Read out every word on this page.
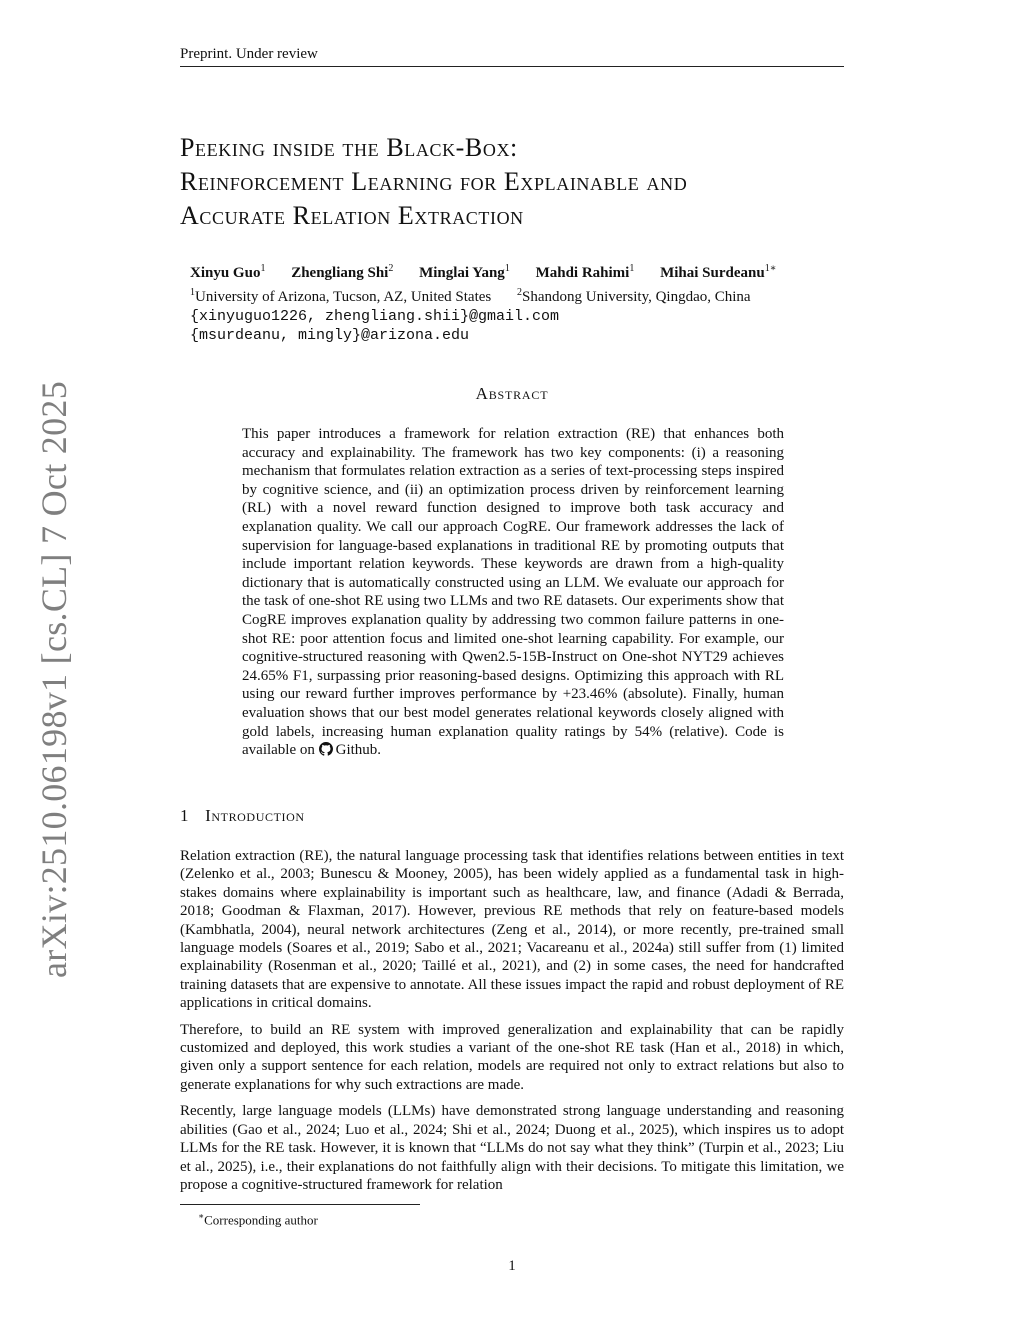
Preprint. Under review
arXiv:2510.06198v1 [cs.CL] 7 Oct 2025
Peeking inside the Black-Box:
Reinforcement Learning for Explainable and
Accurate Relation Extraction
Xinyu Guo$^1$ Zhengliang Shi$^2$ Minglai Yang$^1$ Mahdi Rahimi$^1$ Mihai Surdeanu$^{1∗}$
$^1$University of Arizona, Tucson, AZ, United States	$^2$Shandong University, Qingdao, China
{xinyuguo1226, zhengliang.shii}@gmail.com
{msurdeanu, mingly}@arizona.edu
Abstract
This paper introduces a framework for relation extraction (RE) that enhances both accuracy and explainability. The framework has two key components: (i) a reasoning mechanism that formulates relation extraction as a series of text-processing steps inspired by cognitive science, and (ii) an optimization process driven by reinforcement learning (RL) with a novel reward function designed to improve both task accuracy and explanation quality. We call our approach CogRE. Our framework addresses the lack of supervision for language-based explanations in traditional RE by promoting outputs that include important relation keywords. These keywords are drawn from a high-quality dictionary that is automatically constructed using an LLM. We evaluate our approach for the task of one-shot RE using two LLMs and two RE datasets. Our experiments show that CogRE improves explanation quality by addressing two common failure patterns in one-shot RE: poor attention focus and limited one-shot learning capability. For example, our cognitive-structured reasoning with Qwen2.5-15B-Instruct on One-shot NYT29 achieves 24.65% F1, surpassing prior reasoning-based designs. Optimizing this approach with RL using our reward further improves performance by +23.46% (absolute). Finally, human evaluation shows that our best model generates relational keywords closely aligned with gold labels, increasing human explanation quality ratings by 54% (relative). Code is available on Github.
1 Introduction

Relation extraction (RE), the natural language processing task that identifies relations between entities in text (Zelenko et al., 2003; Bunescu & Mooney, 2005), has been widely applied as a fundamental task in high-stakes domains where explainability is important such as healthcare, law, and finance (Adadi & Berrada, 2018; Goodman & Flaxman, 2017). However, previous RE methods that rely on feature-based models (Kambhatla, 2004), neural network architectures (Zeng et al., 2014), or more recently, pre-trained small language models (Soares et al., 2019; Sabo et al., 2021; Vacareanu et al., 2024a) still suffer from (1) limited explainability (Rosenman et al., 2020; Taillé et al., 2021), and (2) in some cases, the need for handcrafted training datasets that are expensive to annotate. All these issues impact the rapid and robust deployment of RE applications in critical domains.

Therefore, to build an RE system with improved generalization and explainability that can be rapidly customized and deployed, this work studies a variant of the one-shot RE task (Han et al., 2018) in which, given only a support sentence for each relation, models are required not only to extract relations but also to generate explanations for why such extractions are made.

Recently, large language models (LLMs) have demonstrated strong language understanding and reasoning abilities (Gao et al., 2024; Luo et al., 2024; Shi et al., 2024; Duong et al., 2025), which inspires us to adopt LLMs for the RE task. However, it is known that “LLMs do not say what they think” (Turpin et al., 2023; Liu et al., 2025), i.e., their explanations do not faithfully align with their decisions. To mitigate this limitation, we propose a cognitive-structured framework for relation

∗Corresponding author
1
